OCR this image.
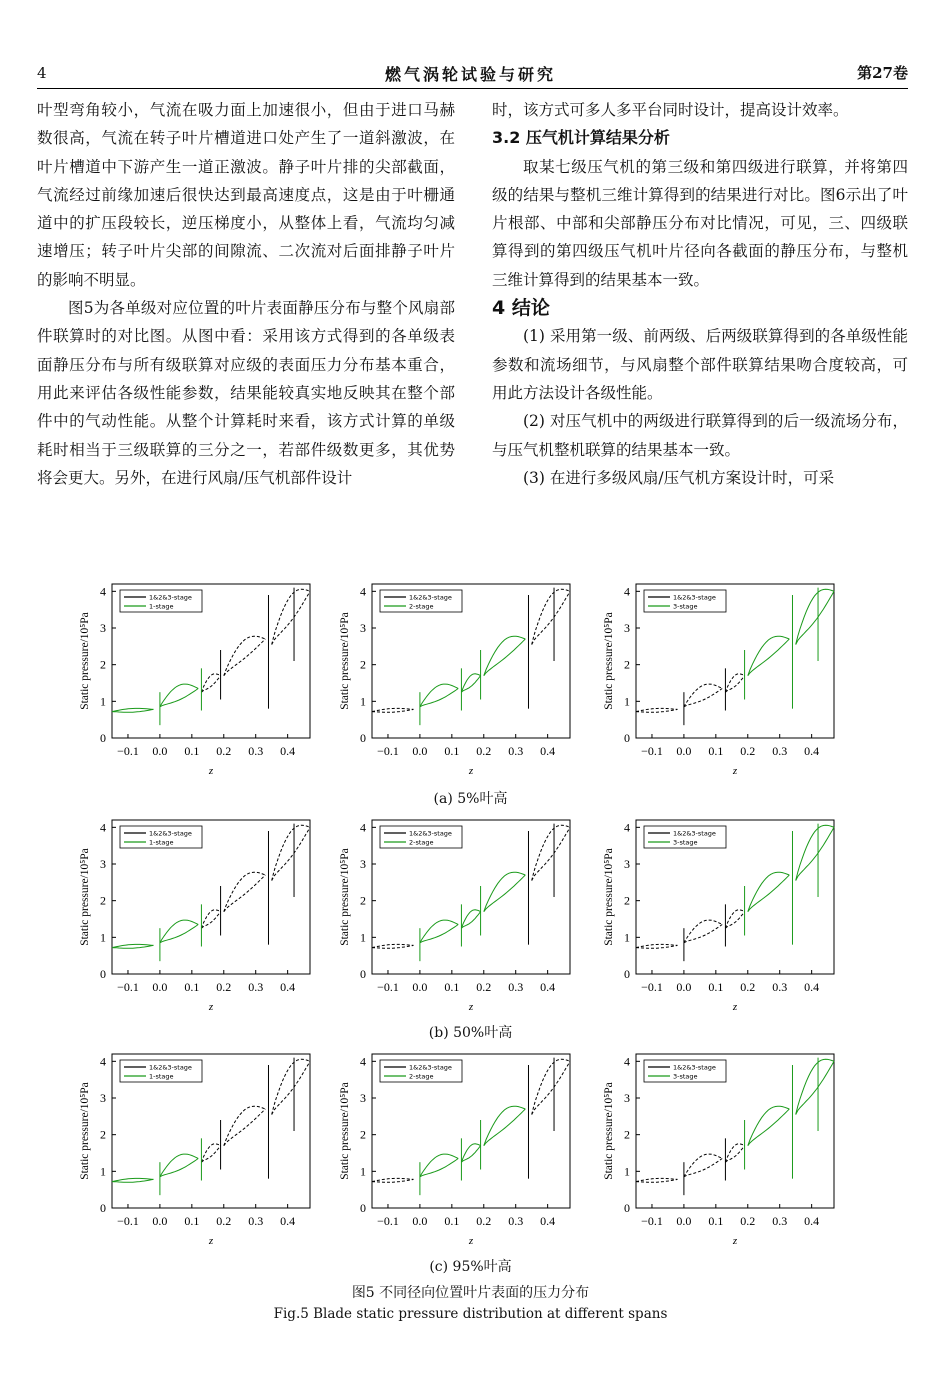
4	燃气涡轮试验与研究	第27卷

叶型弯角较小，气流在吸力面上加速很小，但由于进口马赫数很高，气流在转子叶片槽道进口处产生了一道斜激波，在叶片槽道中下游产生一道正激波。静子叶片排的尖部截面，气流经过前缘加速后很快达到最高速度点，这是由于叶栅通道中的扩压段较长，逆压梯度小，从整体上看，气流均匀减速增压；转子叶片尖部的间隙流、二次流对后面排静子叶片的影响不明显。

图5为各单级对应位置的叶片表面静压分布与整个风扇部件联算时的对比图。从图中看：采用该方式得到的各单级表面静压分布与所有级联算对应级的表面压力分布基本重合，用此来评估各级性能参数，结果能较真实地反映其在整个部件中的气动性能。从整个计算耗时来看，该方式计算的单级耗时相当于三级联算的三分之一，若部件级数更多，其优势将会更大。另外，在进行风扇/压气机部件设计

时，该方式可多人多平台同时设计，提高设计效率。

3.2 压气机计算结果分析

取某七级压气机的第三级和第四级进行联算，并将第四级的结果与整机三维计算得到的结果进行对比。图6示出了叶片根部、中部和尖部静压分布对比情况，可见，三、四级联算得到的第四级压气机叶片径向各截面的静压分布，与整机三维计算得到的结果基本一致。

4 结论

(1) 采用第一级、前两级、后两级联算得到的各单级性能参数和流场细节，与风扇整个部件联算结果吻合度较高，可用此方法设计各级性能。

(2) 对压气机中的两级进行联算得到的后一级流场分布，与压气机整机联算的结果基本一致。

(3) 在进行多级风扇/压气机方案设计时，可采

−0.1 0.0 0.1 0.2 0.3 0.4
0
1
2
3
4
z
Static pressure/10⁵Pa
1&2&3-stage
1-stage
−0.1 0.0 0.1 0.2 0.3 0.4
0
1
2
3
4
z
Static pressure/10⁵Pa
1&2&3-stage
2-stage
−0.1 0.0 0.1 0.2 0.3 0.4
0
1
2
3
4
z
Static pressure/10⁵Pa
1&2&3-stage
3-stage
−0.1 0.0 0.1 0.2 0.3 0.4
0
1
2
3
4
z
Static pressure/10⁵Pa
1&2&3-stage
1-stage
−0.1 0.0 0.1 0.2 0.3 0.4
0
1
2
3
4
z
Static pressure/10⁵Pa
1&2&3-stage
2-stage
−0.1 0.0 0.1 0.2 0.3 0.4
0
1
2
3
4
z
Static pressure/10⁵Pa
1&2&3-stage
3-stage
−0.1 0.0 0.1 0.2 0.3 0.4
0
1
2
3
4
z
Static pressure/10⁵Pa
1&2&3-stage
1-stage
−0.1 0.0 0.1 0.2 0.3 0.4
0
1
2
3
4
z
Static pressure/10⁵Pa
1&2&3-stage
2-stage
−0.1 0.0 0.1 0.2 0.3 0.4
0
1
2
3
4
z
Static pressure/10⁵Pa
1&2&3-stage
3-stage
(a) 5%叶高
(b) 50%叶高
(c) 95%叶高
图5 不同径向位置叶片表面的压力分布
Fig.5 Blade static pressure distribution at different spans
